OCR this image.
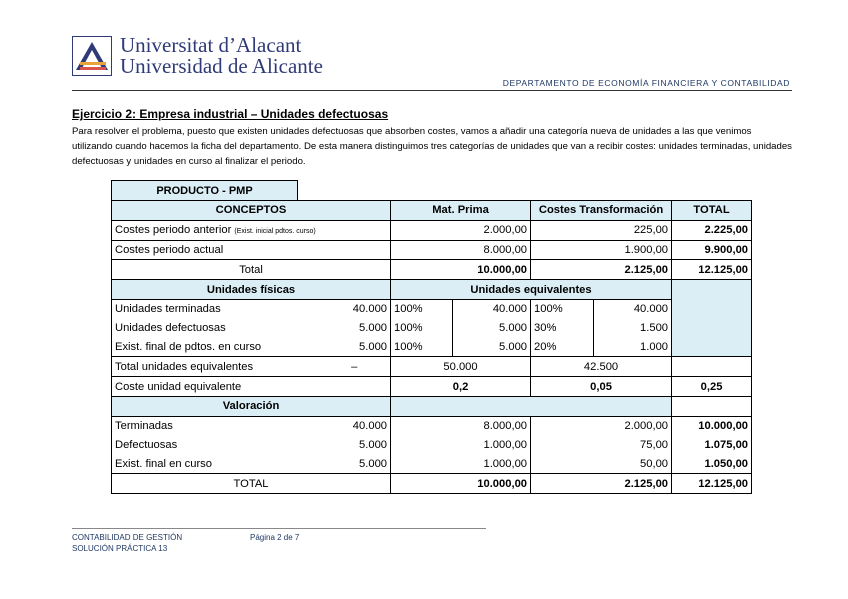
Universitat d’Alacant
Universidad de Alicante
DEPARTAMENTO DE ECONOMÍA FINANCIERA Y CONTABILIDAD
Ejercicio 2: Empresa industrial – Unidades defectuosas
Para resolver el problema, puesto que existen unidades defectuosas que absorben costes, vamos a añadir una categoría nueva de unidades a las que venimos utilizando cuando hacemos la ficha del departamento. De esta manera distinguimos tres categorías de unidades que van a recibir costes: unidades terminadas, unidades defectuosas y unidades en curso al finalizar el periodo.
PRODUCTO - PMP
CONCEPTOS		Mat. Prima		Costes Transformación		TOTAL
Costes periodo anterior (Exist. inicial pdtos. curso)		2.000,00		225,00		2.225,00
Costes periodo actual		8.000,00		1.900,00		9.900,00
Total		10.000,00		2.125,00		12.125,00
Unidades físicas		Unidades equivalentes				
Unidades terminadas	40.000	100%	40.000	100%	40.000	
Unidades defectuosas	5.000	100%	5.000	30%	1.500	
Exist. final de pdtos. en curso	5.000	100%	5.000	20%	1.000	
Total unidades equivalentes	–	50.000		42.500		
Coste unidad equivalente		0,2		0,05		0,25
Valoración						
Terminadas	40.000	8.000,00		2.000,00		10.000,00
Defectuosas	5.000	1.000,00		75,00		1.075,00
Exist. final en curso	5.000	1.000,00		50,00		1.050,00
TOTAL		10.000,00		2.125,00		12.125,00
CONTABILIDAD DE GESTIÓN
SOLUCIÓN PRÁCTICA 13
Página 2 de 7
